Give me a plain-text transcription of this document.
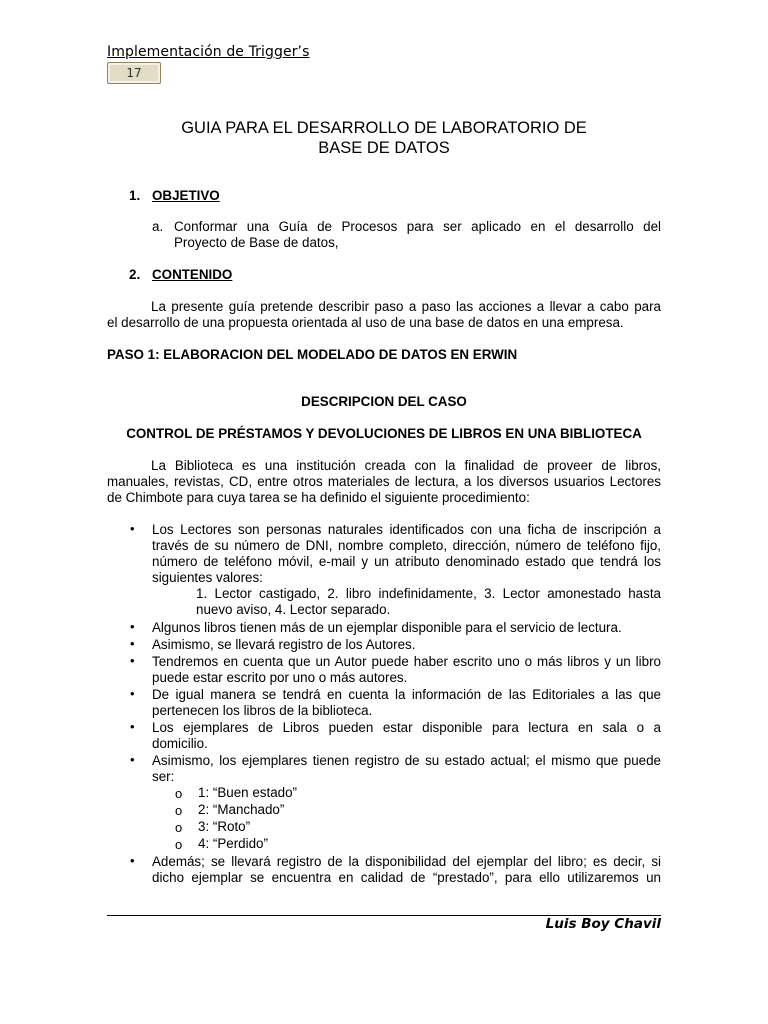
Implementación de Trigger’s
17
GUIA PARA EL DESARROLLO DE LABORATORIO DE
BASE DE DATOS
1. OBJETIVO
a. Conformar una Guía de Procesos para ser aplicado en el desarrollo del
Proyecto de Base de datos,
2. CONTENIDO
La presente guía pretende describir paso a paso las acciones a llevar a cabo para
el desarrollo de una propuesta orientada al uso de una base de datos en una empresa.
PASO 1: ELABORACION DEL MODELADO DE DATOS EN ERWIN
DESCRIPCION DEL CASO
CONTROL DE PRÉSTAMOS Y DEVOLUCIONES DE LIBROS EN UNA BIBLIOTECA
La Biblioteca es una institución creada con la finalidad de proveer de libros,
manuales, revistas, CD, entre otros materiales de lectura, a los diversos usuarios Lectores
de Chimbote para cuya tarea se ha definido el siguiente procedimiento:
• Los Lectores son personas naturales identificados con una ficha de inscripción a
través de su número de DNI, nombre completo, dirección, número de teléfono fijo,
número de teléfono móvil, e-mail y un atributo denominado estado que tendrá los
siguientes valores:
1. Lector castigado, 2. libro indefinidamente, 3. Lector amonestado hasta
nuevo aviso, 4. Lector separado.
• Algunos libros tienen más de un ejemplar disponible para el servicio de lectura.
• Asimismo, se llevará registro de los Autores.
• Tendremos en cuenta que un Autor puede haber escrito uno o más libros y un libro
puede estar escrito por uno o más autores.
• De igual manera se tendrá en cuenta la información de las Editoriales a las que
pertenecen los libros de la biblioteca.
• Los ejemplares de Libros pueden estar disponible para lectura en sala o a
domicilio.
• Asimismo, los ejemplares tienen registro de su estado actual; el mismo que puede
ser:
o 1: “Buen estado”
o 2: “Manchado”
o 3: “Roto”
o 4: “Perdido”
• Además; se llevará registro de la disponibilidad del ejemplar del libro; es decir, si
dicho ejemplar se encuentra en calidad de “prestado”, para ello utilizaremos un
Luis Boy Chavil
